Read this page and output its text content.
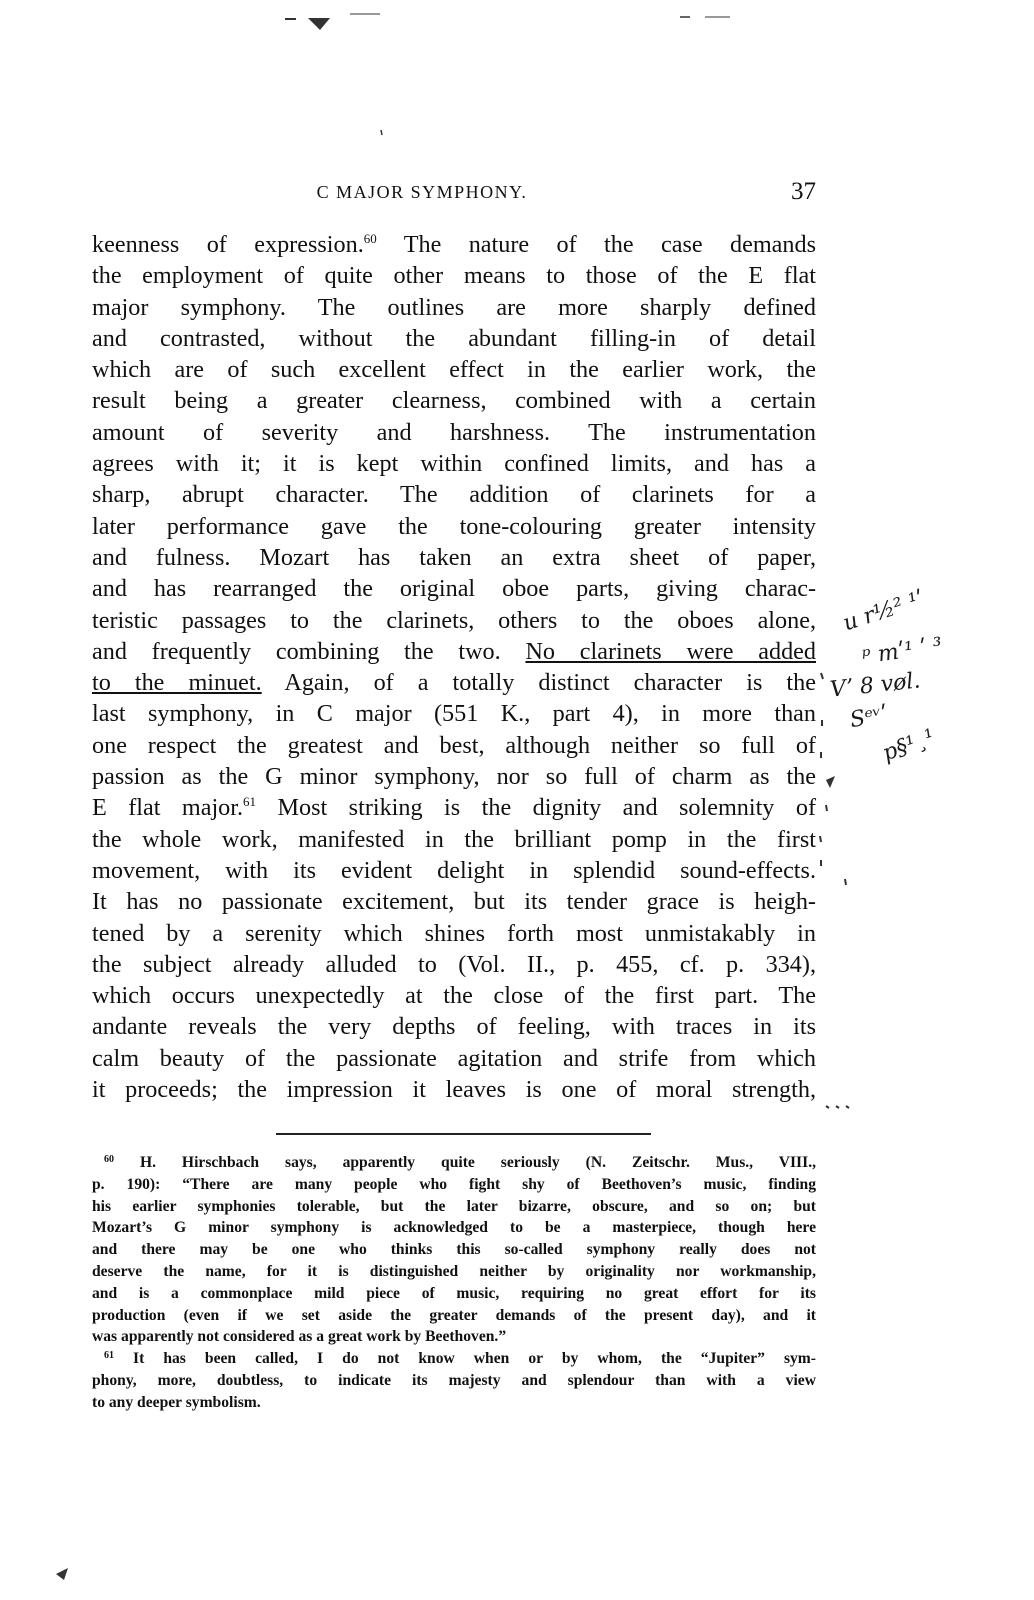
C MAJOR SYMPHONY.	37
keenness of expression.$^{60}$ The nature of the case demands
the employment of quite other means to those of the E flat
major symphony. The outlines are more sharply defined
and contrasted, without the abundant filling-in of detail
which are of such excellent effect in the earlier work, the
result being a greater clearness, combined with a certain
amount of severity and harshness. The instrumentation
agrees with it; it is kept within confined limits, and has a
sharp, abrupt character. The addition of clarinets for a
later performance gave the tone-colouring greater intensity
and fulness. Mozart has taken an extra sheet of paper,
and has rearranged the original oboe parts, giving charac-
teristic passages to the clarinets, others to the oboes alone,
and frequently combining the two. No clarinets were added
to the minuet. Again, of a totally distinct character is the
last symphony, in C major (551 K., part 4), in more than
one respect the greatest and best, although neither so full of
passion as the G minor symphony, nor so full of charm as the
E flat major.$^{61}$ Most striking is the dignity and solemnity of
the whole work, manifested in the brilliant pomp in the first
movement, with its evident delight in splendid sound-effects.
It has no passionate excitement, but its tender grace is heigh-
tened by a serenity which shines forth most unmistakably in
the subject already alluded to (Vol. II., p. 455, cf. p. 334),
which occurs unexpectedly at the close of the first part. The
andante reveals the very depths of feeling, with traces in its
calm beauty of the passionate agitation and strife from which
it proceeds; the impression it leaves is one of moral strength,
$^{60}$ H. Hirschbach says, apparently quite seriously (N. Zeitschr. Mus., VIII.,
p. 190): “There are many people who fight shy of Beethoven’s music, finding
his earlier symphonies tolerable, but the later bizarre, obscure, and so on; but
Mozart’s G minor symphony is acknowledged to be a masterpiece, though here
and there may be one who thinks this so-called symphony really does not
deserve the name, for it is distinguished neither by originality nor workmanship,
and is a commonplace mild piece of music, requiring no great effort for its
production (even if we set aside the greater demands of the present day), and it
was apparently not considered as a great work by Beethoven.”
$^{61}$ It has been called, I do not know when or by whom, the “Jupiter” sym-
phony, more, doubtless, to indicate its majesty and splendour than with a view
to any deeper symbolism.
u r½² ¹ʹ
ᵖ mʹ¹ ʹ ³
Vʼ 8 vøl.
Sᵉᵛʹ
p§¹¸¹
